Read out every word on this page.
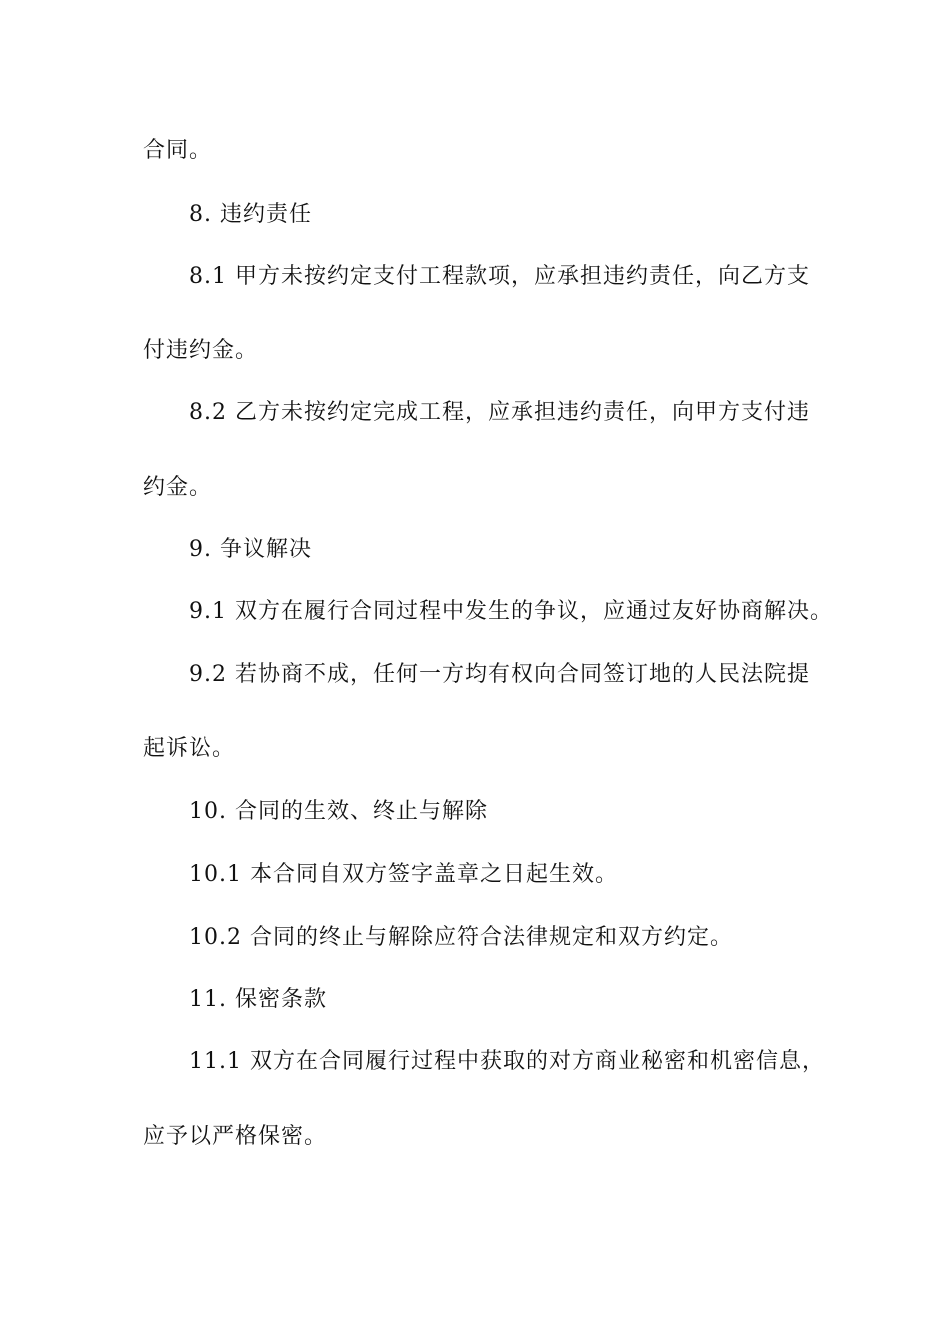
合同。
8. 违约责任
8.1 甲方未按约定支付工程款项，应承担违约责任，向乙方支
付违约金。
8.2 乙方未按约定完成工程，应承担违约责任，向甲方支付违
约金。
9. 争议解决
9.1 双方在履行合同过程中发生的争议，应通过友好协商解决。
9.2 若协商不成，任何一方均有权向合同签订地的人民法院提
起诉讼。
10. 合同的生效、终止与解除
10.1 本合同自双方签字盖章之日起生效。
10.2 合同的终止与解除应符合法律规定和双方约定。
11. 保密条款
11.1 双方在合同履行过程中获取的对方商业秘密和机密信息，
应予以严格保密。
